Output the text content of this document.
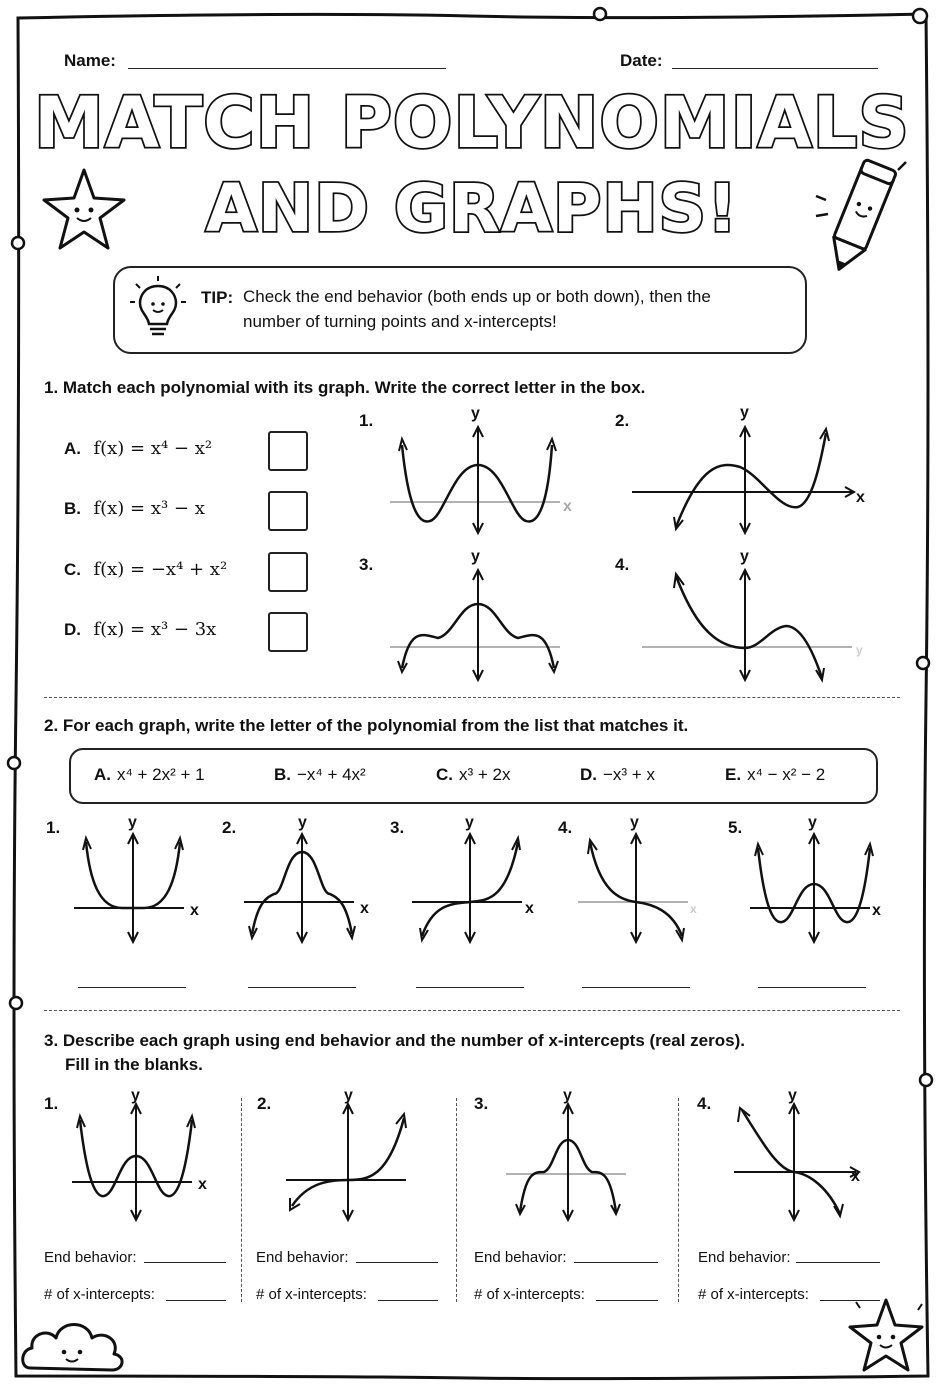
Name:	Date:
MATCH POLYNOMIALS
AND GRAPHS!
TIP: Check the end behavior (both ends up or both down), then the
number of turning points and x-intercepts!
1. Match each polynomial with its graph. Write the correct letter in the box.
A. f(x) = x⁴ − x²
B. f(x) = x³ − x
C. f(x) = −x⁴ + x²
D. f(x) = x³ − 3x
1.	y
x
2.	y
x
3.	y	4.	y
y
2. For each graph, write the letter of the polynomial from the list that matches it.
A. x⁴ + 2x² + 1	B. −x⁴ + 4x²	C. x³ + 2x	D. −x³ + x	E. x⁴ − x² − 2
1.	y
x
2.	y
x
3.	y
x
4.	y
x
5.	y
x
3. Describe each graph using end behavior and the number of x-intercepts (real zeros).
Fill in the blanks.
1.	y
x
End behavior:
# of x-intercepts:
2.	y
End behavior:
# of x-intercepts:
3.	y
End behavior:
# of x-intercepts:
4.	y
x
End behavior:
# of x-intercepts:
